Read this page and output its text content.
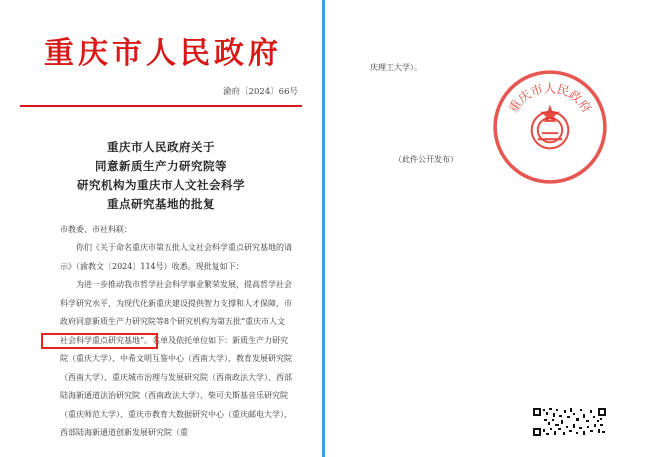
重庆市人民政府
渝府〔2024〕66号
重庆市人民政府关于
同意新质生产力研究院等
研究机构为重庆市人文社会科学
重点研究基地的批复
市教委、市社科联：

你们《关于命名重庆市第五批人文社会科学重点研究基地的请示》（渝教文〔2024〕114号）收悉。现批复如下：

为进一步推动我市哲学社会科学事业繁荣发展，提高哲学社会科学研究水平，为现代化新重庆建设提供智力支撑和人才保障，市政府同意新质生产力研究院等8个研究机构为第五批“重庆市人文社会科学重点研究基地”。名单及依托单位如下：新质生产力研究院（重庆大学）、中希文明互鉴中心（西南大学）、教育发展研究院（西南大学）、重庆城市治理与发展研究院（西南政法大学）、西部陆海新通道法治研究院（西南政法大学）、柴可夫斯基音乐研究院（重庆师范大学）、重庆市教育大数据研究中心（重庆邮电大学）、西部陆海新通道创新发展研究院（重

庆理工大学）。
重庆市人民政府
（此件公开发布）
